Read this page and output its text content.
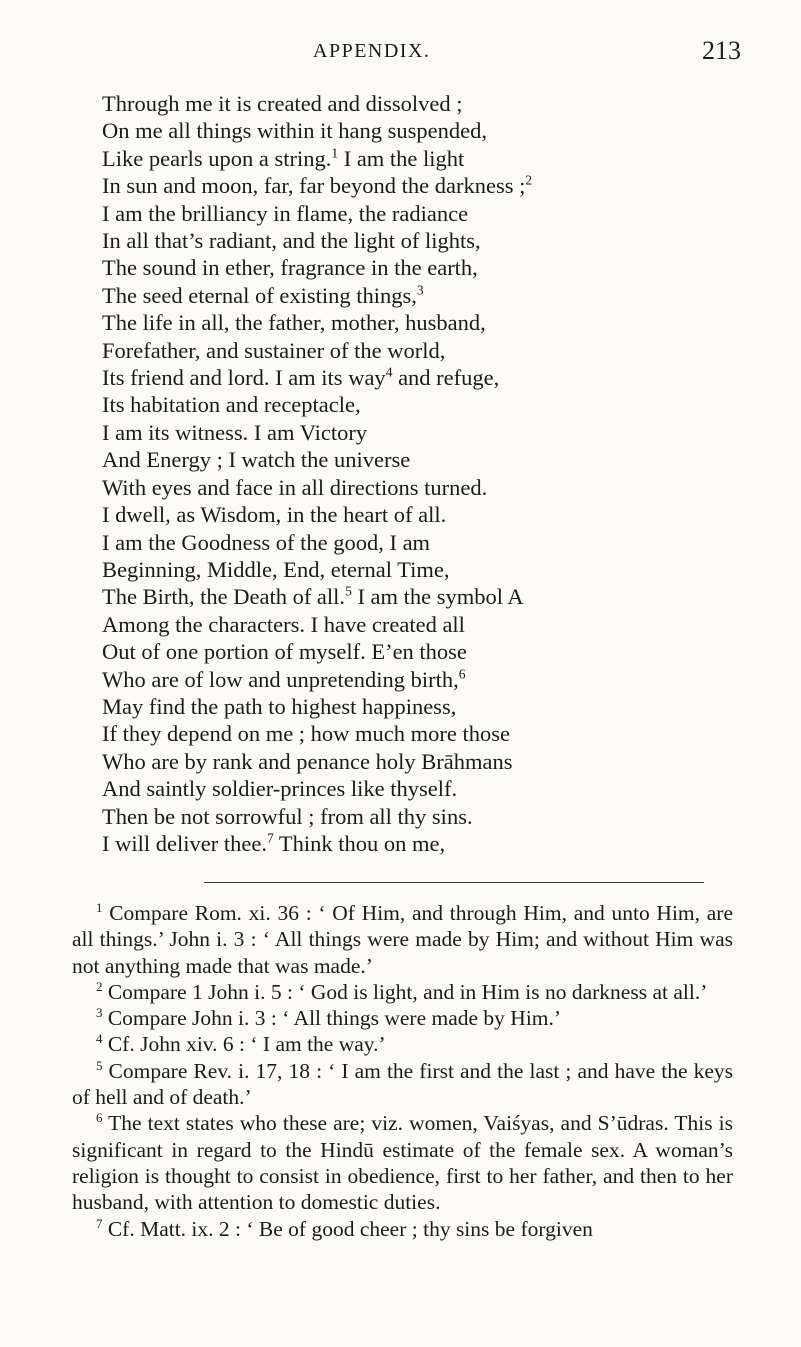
APPENDIX.	213
Through me it is created and dissolved ;
On me all things within it hang suspended,
Like pearls upon a string.$^1$ I am the light
In sun and moon, far, far beyond the darkness ;$^2$
I am the brilliancy in flame, the radiance
In all that’s radiant, and the light of lights,
The sound in ether, fragrance in the earth,
The seed eternal of existing things,$^3$
The life in all, the father, mother, husband,
Forefather, and sustainer of the world,
Its friend and lord. I am its way$^4$ and refuge,
Its habitation and receptacle,
I am its witness. I am Victory
And Energy ; I watch the universe
With eyes and face in all directions turned.
I dwell, as Wisdom, in the heart of all.
I am the Goodness of the good, I am
Beginning, Middle, End, eternal Time,
The Birth, the Death of all.$^5$ I am the symbol A
Among the characters. I have created all
Out of one portion of myself. E’en those
Who are of low and unpretending birth,$^6$
May find the path to highest happiness,
If they depend on me ; how much more those
Who are by rank and penance holy Brāhmans
And saintly soldier-princes like thyself.
Then be not sorrowful ; from all thy sins.
I will deliver thee.$^7$ Think thou on me,

$^1$ Compare Rom. xi. 36 : ‘ Of Him, and through Him, and unto Him, are all things.’ John i. 3 : ‘ All things were made by Him; and without Him was not anything made that was made.’

$^2$ Compare 1 John i. 5 : ‘ God is light, and in Him is no darkness at all.’

$^3$ Compare John i. 3 : ‘ All things were made by Him.’

$^4$ Cf. John xiv. 6 : ‘ I am the way.’

$^5$ Compare Rev. i. 17, 18 : ‘ I am the first and the last ; and have the keys of hell and of death.’

$^6$ The text states who these are; viz. women, Vaiśyas, and S’ūdras. This is significant in regard to the Hindū estimate of the female sex. A woman’s religion is thought to consist in obedience, first to her father, and then to her husband, with attention to domestic duties.

$^7$ Cf. Matt. ix. 2 : ‘ Be of good cheer ; thy sins be forgiven
